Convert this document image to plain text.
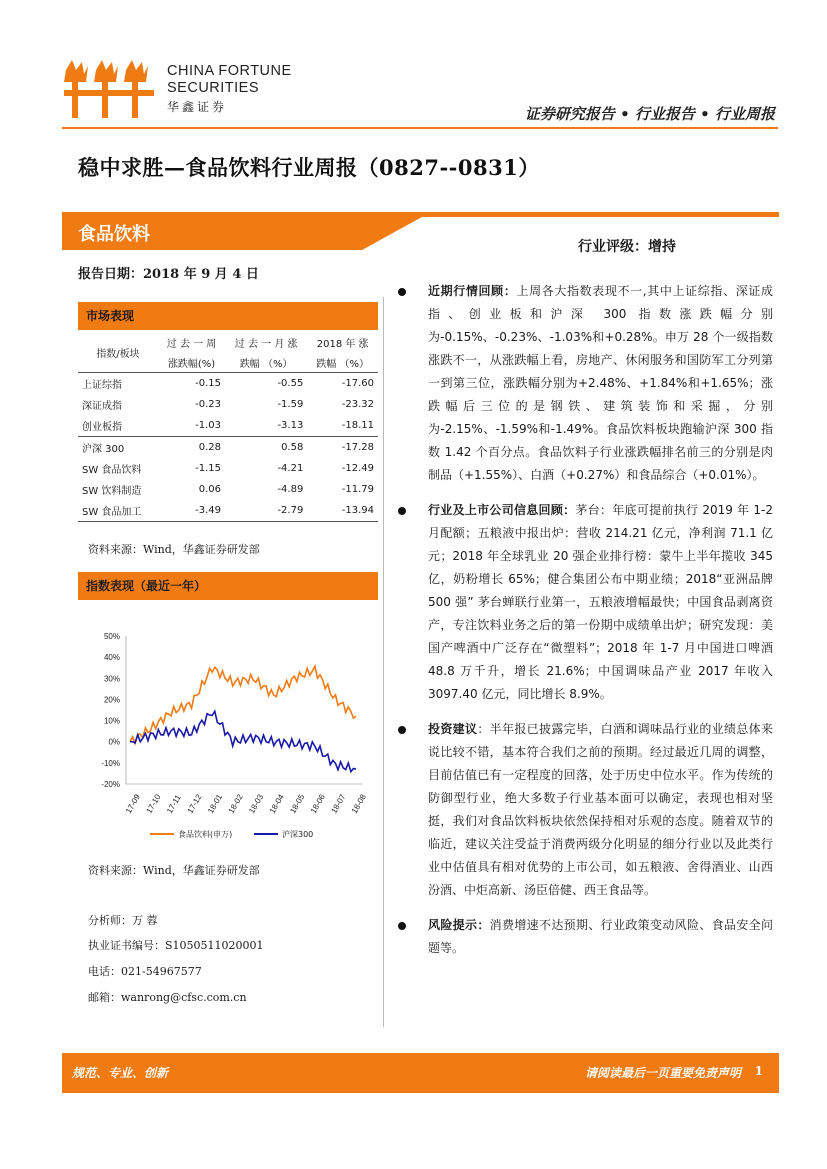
CHINA FORTUNE
SECURITIES
华鑫证券	证券研究报告 • 行业报告 • 行业周报
稳中求胜—食品饮料行业周报（0827--0831）
食品饮料
行业评级：增持
报告日期：2018 年 9 月 4 日
市场表现
指数/板块	过 去 一 周	过 去 一 月 涨	2018 年 涨
	涨跌幅(%)	跌幅 （%）	跌幅 （%）
上证综指	-0.15	-0.55	-17.60
深证成指	-0.23	-1.59	-23.32
创业板指	-1.03	-3.13	-18.11
沪深 300	0.28	0.58	-17.28
SW 食品饮料	-1.15	-4.21	-12.49
SW 饮料制造	0.06	-4.89	-11.79
SW 食品加工	-3.49	-2.79	-13.94
资料来源：Wind，华鑫证券研发部
指数表现（最近一年）
50%
40%
30%
20%
10%
0%
-10%
-20%
17-09 17-10 17-11 17-12 18-01 18-02 18-03 18-04 18-05 18-06 18-07 18-08
食品饮料(申万)	沪深300
资料来源：Wind，华鑫证券研发部
分析师：万 蓉
执业证书编号：S1050511020001
电话：021-54967577
邮箱：wanrong@cfsc.com.cn
近期行情回顾：上周各大指数表现不一,其中上证综指、深证成指、创业板和沪深 300 指数涨跌幅分别为-0.15%、-0.23%、-1.03%和+0.28%。申万 28 个一级指数涨跌不一，从涨跌幅上看，房地产、休闲服务和国防军工分列第一到第三位，涨跌幅分别为+2.48%、+1.84%和+1.65%；涨跌幅后三位的是钢铁、建筑装饰和采掘，分别为-2.15%、-1.59%和-1.49%。食品饮料板块跑输沪深 300 指数 1.42 个百分点。食品饮料子行业涨跌幅排名前三的分别是肉制品（+1.55%）、白酒（+0.27%）和食品综合（+0.01%）。
行业及上市公司信息回顾：茅台：年底可提前执行 2019 年 1-2 月配额；五粮液中报出炉：营收 214.21 亿元，净利润 71.1 亿元；2018 年全球乳业 20 强企业排行榜：蒙牛上半年揽收 345 亿，奶粉增长 65%；健合集团公布中期业绩；2018“亚洲品牌 500 强” 茅台蝉联行业第一，五粮液增幅最快；中国食品剥离资产，专注饮料业务之后的第一份期中成绩单出炉；研究发现：美国产啤酒中广泛存在“微塑料”；2018 年 1-7 月中国进口啤酒 48.8 万千升，增长 21.6%；中国调味品产业 2017 年收入 3097.40 亿元，同比增长 8.9%。
投资建议：半年报已披露完毕，白酒和调味品行业的业绩总体来说比较不错，基本符合我们之前的预期。经过最近几周的调整，目前估值已有一定程度的回落，处于历史中位水平。作为传统的防御型行业，绝大多数子行业基本面可以确定，表现也相对坚挺，我们对食品饮料板块依然保持相对乐观的态度。随着双节的临近，建议关注受益于消费两级分化明显的细分行业以及此类行业中估值具有相对优势的上市公司，如五粮液、舍得酒业、山西汾酒、中炬高新、汤臣倍健、西王食品等。
风险提示：消费增速不达预期、行业政策变动风险、食品安全问题等。
规范、专业、创新	请阅读最后一页重要免责声明 1
